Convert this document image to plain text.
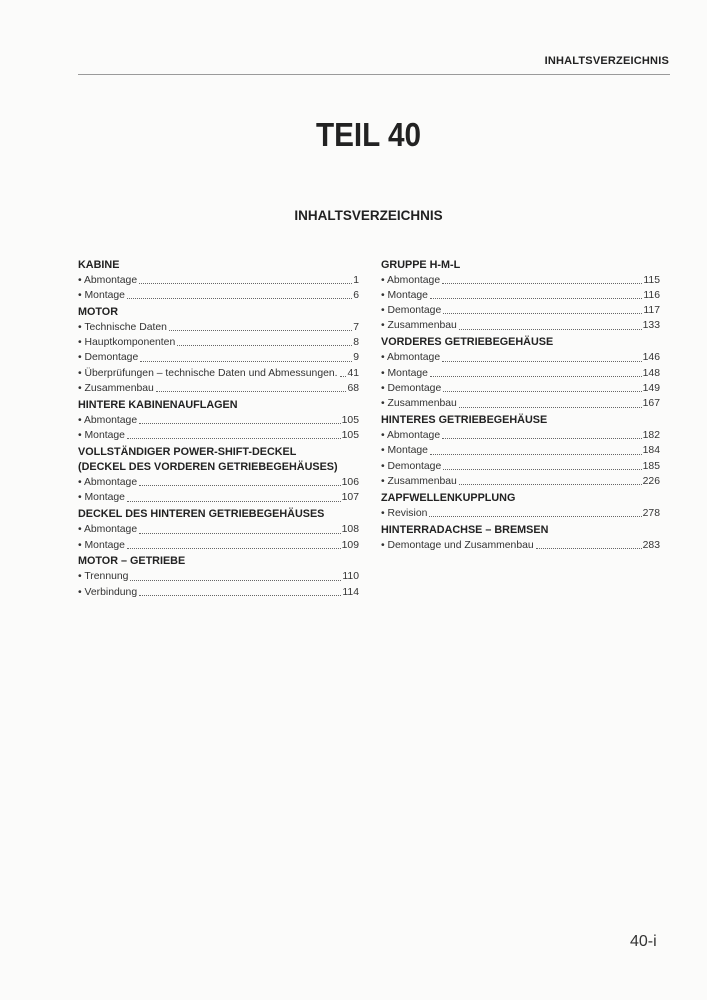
INHALTSVERZEICHNIS
TEIL 40
INHALTSVERZEICHNIS
KABINE
• Abmontage	1
• Montage	6
MOTOR
• Technische Daten	7
• Hauptkomponenten	8
• Demontage	9
• Überprüfungen – technische Daten und Abmessungen. 41
• Zusammenbau	68
HINTERE KABINENAUFLAGEN
• Abmontage	105
• Montage	105
VOLLSTÄNDIGER POWER-SHIFT-DECKEL
(DECKEL DES VORDEREN GETRIEBEGEHÄUSES)
• Abmontage	106
• Montage	107
DECKEL DES HINTEREN GETRIEBEGEHÄUSES
• Abmontage	108
• Montage	109
MOTOR – GETRIEBE
• Trennung	110
• Verbindung	114
GRUPPE H-M-L
• Abmontage	115
• Montage	116
• Demontage	117
• Zusammenbau	133
VORDERES GETRIEBEGEHÄUSE
• Abmontage	146
• Montage	148
• Demontage	149
• Zusammenbau	167
HINTERES GETRIEBEGEHÄUSE
• Abmontage	182
• Montage	184
• Demontage	185
• Zusammenbau	226
ZAPFWELLENKUPPLUNG
• Revision	278
HINTERRADACHSE – BREMSEN
• Demontage und Zusammenbau	283
40-i
